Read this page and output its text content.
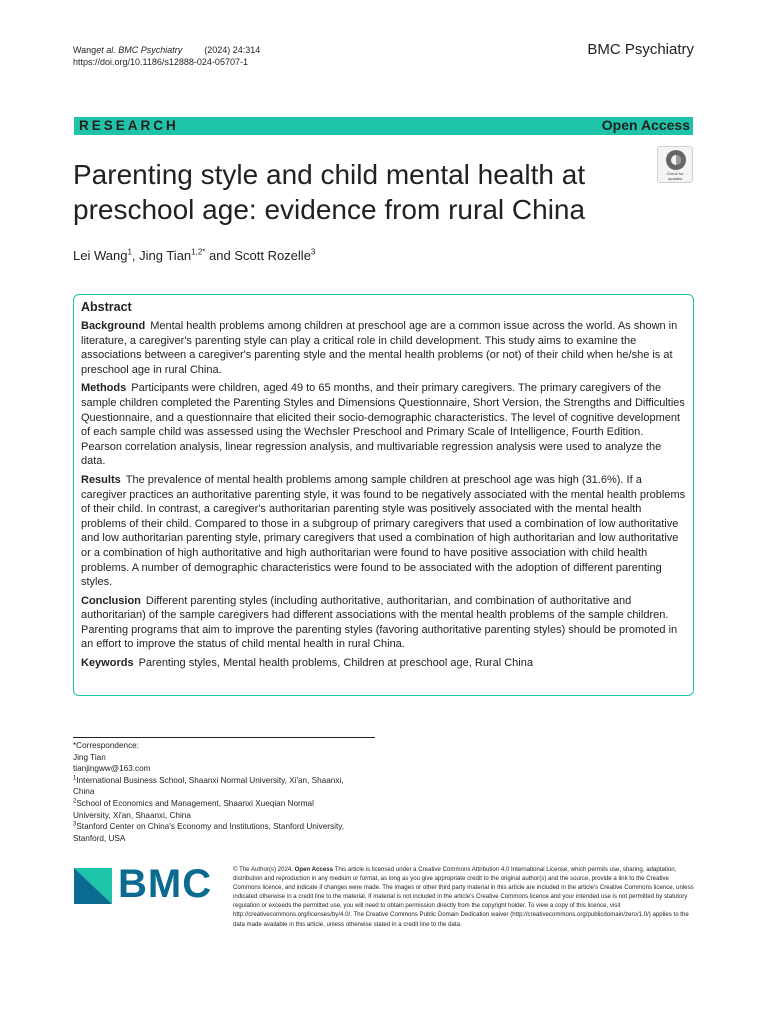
Wanget al. BMC Psychiatry (2024) 24:314
https://doi.org/10.1186/s12888-024-05707-1
BMC Psychiatry
RESEARCH	Open Access
Check for
updates
Parenting style and child mental health at preschool age: evidence from rural China
Lei Wang$^1$, Jing Tian$^{1,2*}$ and Scott Rozelle$^3$
Abstract

Background Mental health problems among children at preschool age are a common issue across the world. As shown in literature, a caregiver's parenting style can play a critical role in child development. This study aims to examine the associations between a caregiver's parenting style and the mental health problems (or not) of their child when he/she is at preschool age in rural China.

Methods Participants were children, aged 49 to 65 months, and their primary caregivers. The primary caregivers of the sample children completed the Parenting Styles and Dimensions Questionnaire, Short Version, the Strengths and Difficulties Questionnaire, and a questionnaire that elicited their socio-demographic characteristics. The level of cognitive development of each sample child was assessed using the Wechsler Preschool and Primary Scale of Intelligence, Fourth Edition. Pearson correlation analysis, linear regression analysis, and multivariable regression analysis were used to analyze the data.

Results The prevalence of mental health problems among sample children at preschool age was high (31.6%). If a caregiver practices an authoritative parenting style, it was found to be negatively associated with the mental health problems of their child. In contrast, a caregiver's authoritarian parenting style was positively associated with the mental health problems of their child. Compared to those in a subgroup of primary caregivers that used a combination of low authoritative and low authoritarian parenting style, primary caregivers that used a combination of high authoritarian and low authoritative or a combination of high authoritative and high authoritarian were found to have positive association with child health problems. A number of demographic characteristics were found to be associated with the adoption of different parenting styles.

Conclusion Different parenting styles (including authoritative, authoritarian, and combination of authoritative and authoritarian) of the sample caregivers had different associations with the mental health problems of the sample children. Parenting programs that aim to improve the parenting styles (favoring authoritative parenting styles) should be promoted in an effort to improve the status of child mental health in rural China.

Keywords Parenting styles, Mental health problems, Children at preschool age, Rural China

*Correspondence:
Jing Tian
tianjingww@163.com
$^1$International Business School, Shaanxi Normal University, Xi'an, Shaanxi,
China
$^2$School of Economics and Management, Shaanxi Xueqian Normal
University, Xi'an, Shaanxi, China
$^3$Stanford Center on China's Economy and Institutions, Stanford University,
Stanford, USA
BMC	© The Author(s) 2024. Open Access This article is licensed under a Creative Commons Attribution 4.0 International License, which permits use, sharing, adaptation, distribution and reproduction in any medium or format, as long as you give appropriate credit to the original author(s) and the source, provide a link to the Creative Commons licence, and indicate if changes were made. The images or other third party material in this article are included in the article's Creative Commons licence, unless indicated otherwise in a credit line to the material. If material is not included in the article's Creative Commons licence and your intended use is not permitted by statutory regulation or exceeds the permitted use, you will need to obtain permission directly from the copyright holder. To view a copy of this licence, visit http://creativecommons.org/licenses/by/4.0/. The Creative Commons Public Domain Dedication waiver (http://creativecommons.org/publicdomain/zero/1.0/) applies to the data made available in this article, unless otherwise stated in a credit line to the data.
